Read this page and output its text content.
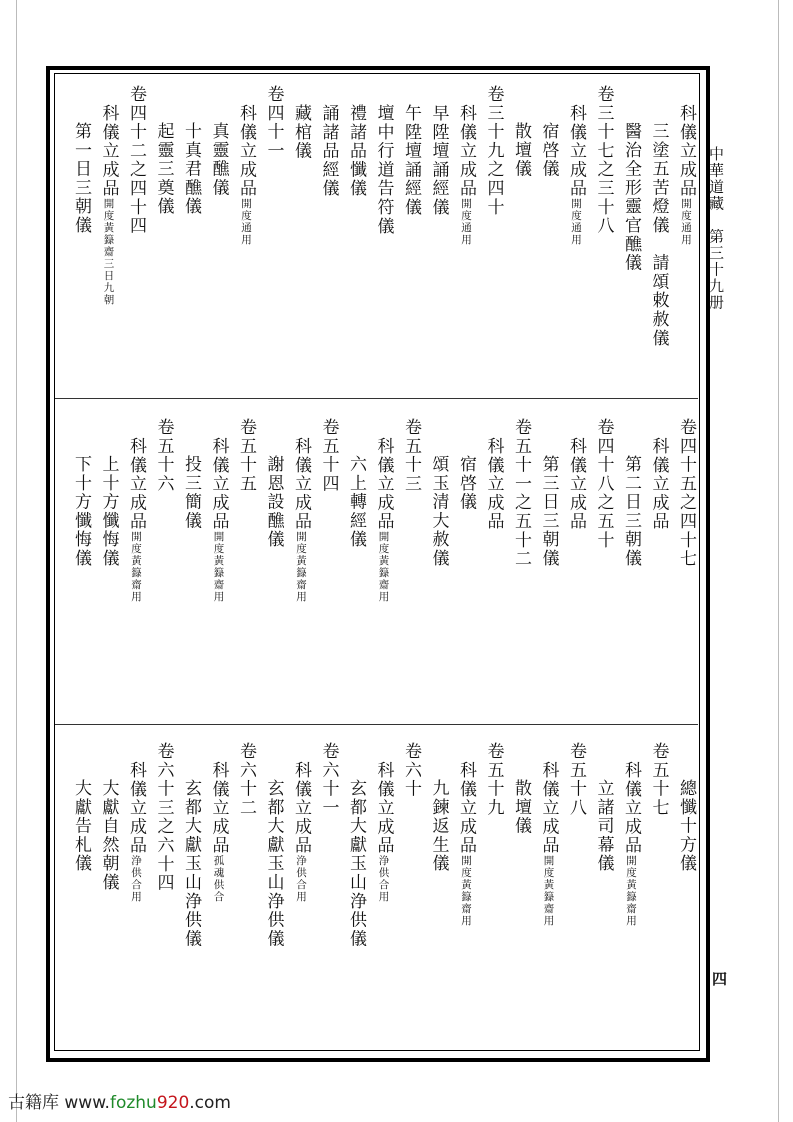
科儀立成品開度通用
三塗五苦燈儀　請頌敕赦儀
醫治全形靈官醮儀
卷三十七之三十八
科儀立成品開度通用
宿啓儀
散壇儀
卷三十九之四十
科儀立成品開度通用
早陞壇誦經儀
午陞壇誦經儀
壇中行道告符儀
禮諸品懺儀
誦諸品經儀
藏棺儀
卷四十一
科儀立成品開度通用
真靈醮儀
十真君醮儀
起靈三奠儀
卷四十二之四十四
科儀立成品開度黃籙齋三日九朝
第一日三朝儀
卷四十五之四十七
科儀立成品
第二日三朝儀
卷四十八之五十
科儀立成品
第三日三朝儀
卷五十一之五十二
科儀立成品
宿啓儀
頌玉清大赦儀
卷五十三
科儀立成品開度黃籙齋用
六上轉經儀
卷五十四
科儀立成品開度黃籙齋用
謝恩設醮儀
卷五十五
科儀立成品開度黃籙齋用
投三簡儀
卷五十六
科儀立成品開度黃籙齋用
上十方懺悔儀
下十方懺悔儀
總懺十方儀
卷五十七
科儀立成品開度黃籙齋用
立諸司幕儀
卷五十八
科儀立成品開度黃籙齋用
散壇儀
卷五十九
科儀立成品開度黃籙齋用
九鍊返生儀
卷六十
科儀立成品浄供合用
玄都大獻玉山浄供儀
卷六十一
科儀立成品浄供合用
玄都大獻玉山浄供儀
卷六十二
科儀立成品孤魂供合
玄都大獻玉山浄供儀
卷六十三之六十四
科儀立成品浄供合用
大獻自然朝儀
大獻告札儀
中華道藏　第三十九册
四
古籍库 www.fozhu920.com
